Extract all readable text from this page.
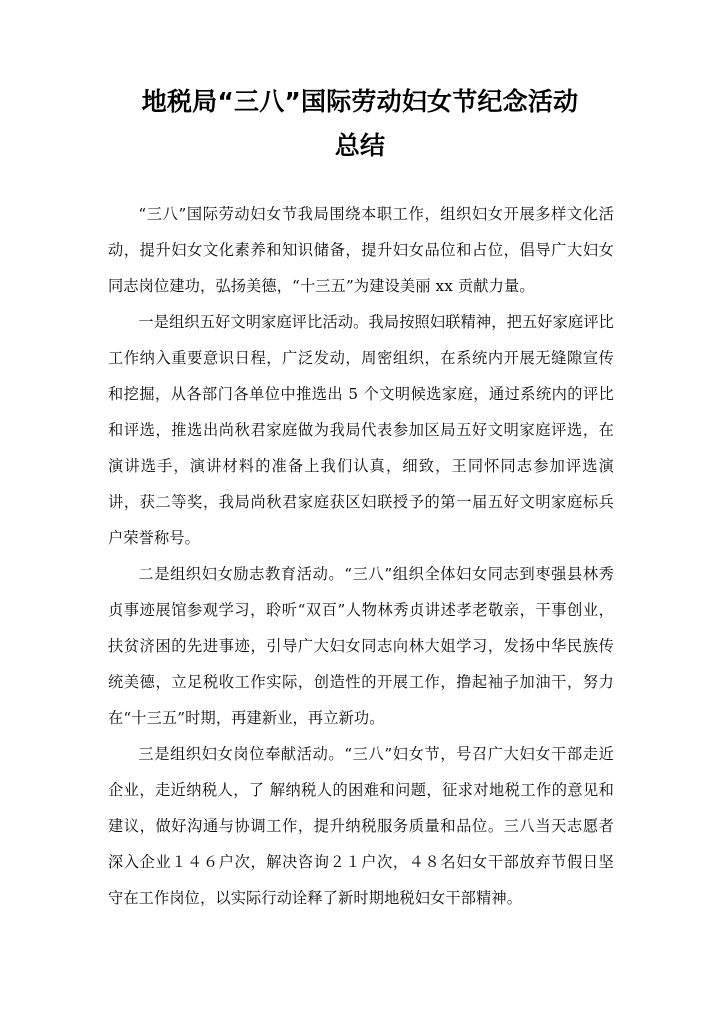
地税局“三八”国际劳动妇女节纪念活动
总结

“三八”国际劳动妇女节我局围绕本职工作，组织妇女开展多样文化活动，提升妇女文化素养和知识储备，提升妇女品位和占位，倡导广大妇女同志岗位建功，弘扬美德，“十三五”为建设美丽 xx 贡献力量。

一是组织五好文明家庭评比活动。我局按照妇联精神，把五好家庭评比工作纳入重要意识日程，广泛发动，周密组织，在系统内开展无缝隙宣传和挖掘，从各部门各单位中推选出 5 个文明候选家庭，通过系统内的评比和评选，推选出尚秋君家庭做为我局代表参加区局五好文明家庭评选，在演讲选手，演讲材料的准备上我们认真，细致，王同怀同志参加评选演讲，获二等奖，我局尚秋君家庭获区妇联授予的第一届五好文明家庭标兵户荣誉称号。

二是组织妇女励志教育活动。“三八”组织全体妇女同志到枣强县林秀贞事迹展馆参观学习，聆听“双百”人物林秀贞讲述孝老敬亲，干事创业，扶贫济困的先进事迹，引导广大妇女同志向林大姐学习，发扬中华民族传统美德，立足税收工作实际，创造性的开展工作，撸起袖子加油干，努力在“十三五”时期，再建新业，再立新功。

三是组织妇女岗位奉献活动。“三八”妇女节，号召广大妇女干部走近企业，走近纳税人，了 解纳税人的困难和问题，征求对地税工作的意见和建议，做好沟通与协调工作，提升纳税服务质量和品位。三八当天志愿者深入企业１４６户次，解决咨询２１户次，４８名妇女干部放弃节假日坚守在工作岗位，以实际行动诠释了新时期地税妇女干部精神。
